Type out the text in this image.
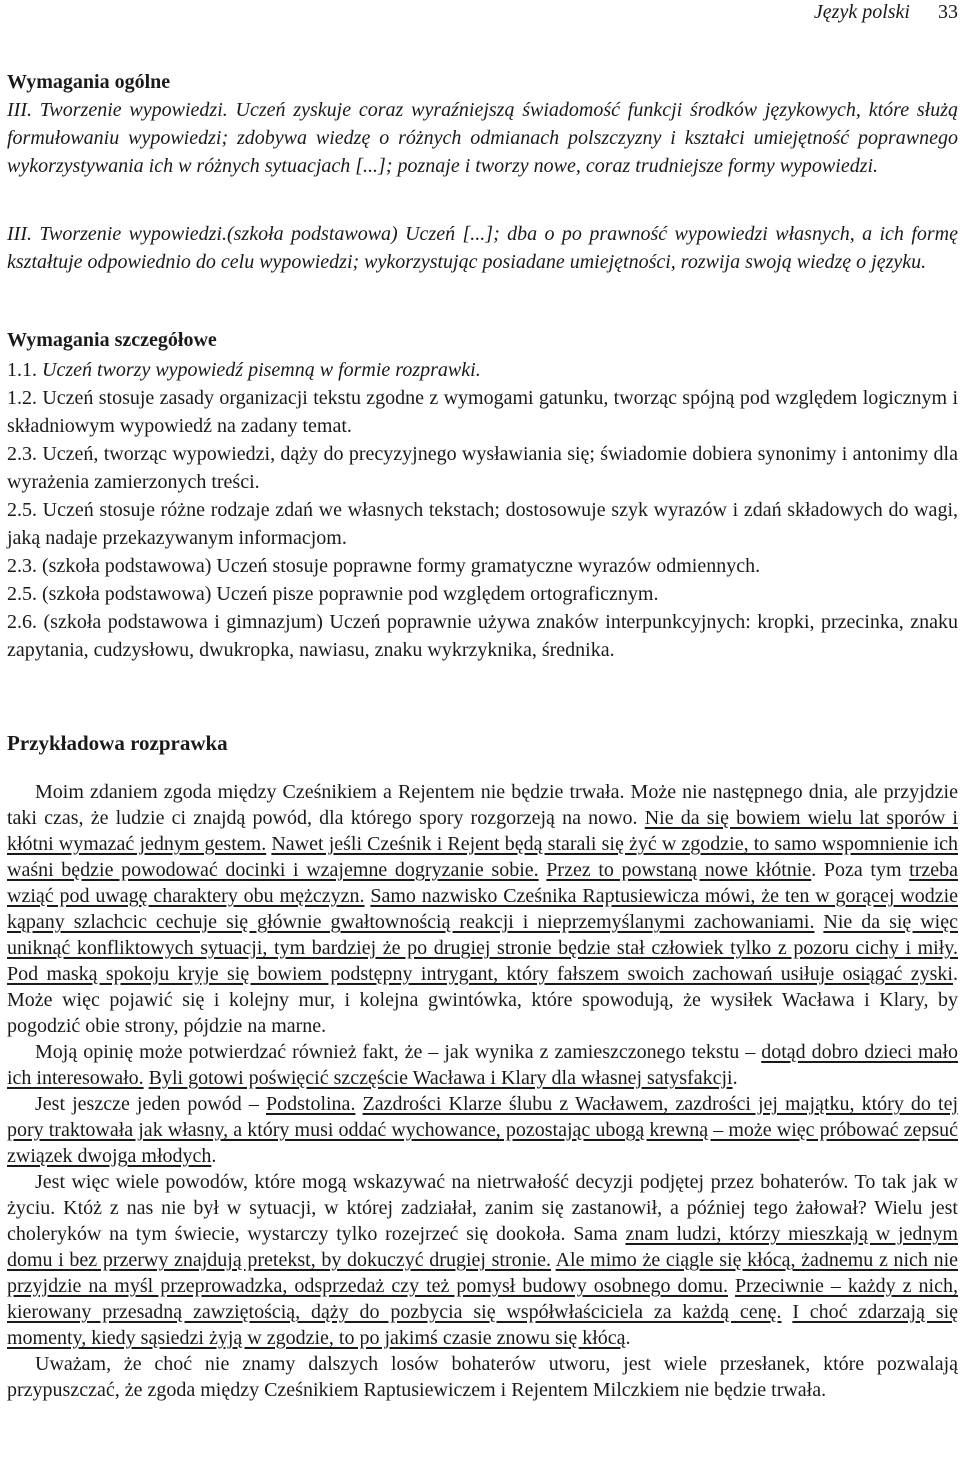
Język polski 33
Wymagania ogólne
III. Tworzenie wypowiedzi. Uczeń zyskuje coraz wyraźniejszą świadomość funkcji środków językowych, które służą formułowaniu wypowiedzi; zdobywa wiedzę o różnych odmianach polszczyzny i kształci umiejętność poprawnego wykorzystywania ich w różnych sytuacjach [...]; poznaje i tworzy nowe, coraz trudniejsze formy wypowiedzi.
III. Tworzenie wypowiedzi.(szkoła podstawowa) Uczeń [...]; dba o po prawność wypowiedzi własnych, a ich formę kształtuje odpowiednio do celu wypowiedzi; wykorzystując posiadane umiejętności, rozwija swoją wiedzę o języku.
Wymagania szczegółowe
1.1. Uczeń tworzy wypowiedź pisemną w formie rozprawki.
1.2. Uczeń stosuje zasady organizacji tekstu zgodne z wymogami gatunku, tworząc spójną pod względem logicznym i składniowym wypowiedź na zadany temat.
2.3. Uczeń, tworząc wypowiedzi, dąży do precyzyjnego wysławiania się; świadomie dobiera synonimy i antonimy dla wyrażenia zamierzonych treści.
2.5. Uczeń stosuje różne rodzaje zdań we własnych tekstach; dostosowuje szyk wyrazów i zdań składowych do wagi, jaką nadaje przekazywanym informacjom.
2.3. (szkoła podstawowa) Uczeń stosuje poprawne formy gramatyczne wyrazów odmiennych.
2.5. (szkoła podstawowa) Uczeń pisze poprawnie pod względem ortograficznym.
2.6. (szkoła podstawowa i gimnazjum) Uczeń poprawnie używa znaków interpunkcyjnych: kropki, przecinka, znaku zapytania, cudzysłowu, dwukropka, nawiasu, znaku wykrzyknika, średnika.
Przykładowa rozprawka

Moim zdaniem zgoda między Cześnikiem a Rejentem nie będzie trwała. Może nie następnego dnia, ale przyjdzie taki czas, że ludzie ci znajdą powód, dla którego spory rozgorzeją na nowo. Nie da się bowiem wielu lat sporów i kłótni wymazać jednym gestem. Nawet jeśli Cześnik i Rejent będą starali się żyć w zgodzie, to samo wspomnienie ich waśni będzie powodować docinki i wzajemne dogryzanie sobie. Przez to powstaną nowe kłótnie. Poza tym trzeba wziąć pod uwagę charaktery obu mężczyzn. Samo nazwisko Cześnika Raptusiewicza mówi, że ten w gorącej wodzie kąpany szlachcic cechuje się głównie gwałtownością reakcji i nieprzemyślanymi zachowaniami. Nie da się więc uniknąć konfliktowych sytuacji, tym bardziej że po drugiej stronie będzie stał człowiek tylko z pozoru cichy i miły. Pod maską spokoju kryje się bowiem podstępny intrygant, który fałszem swoich zachowań usiłuje osiągać zyski. Może więc pojawić się i kolejny mur, i kolejna gwintówka, które spowodują, że wysiłek Wacława i Klary, by pogodzić obie strony, pójdzie na marne.

Moją opinię może potwierdzać również fakt, że – jak wynika z zamieszczonego tekstu – dotąd dobro dzieci mało ich interesowało. Byli gotowi poświęcić szczęście Wacława i Klary dla własnej satysfakcji.

Jest jeszcze jeden powód – Podstolina. Zazdrości Klarze ślubu z Wacławem, zazdrości jej majątku, który do tej pory traktowała jak własny, a który musi oddać wychowance, pozostając ubogą krewną – może więc próbować zepsuć związek dwojga młodych.

Jest więc wiele powodów, które mogą wskazywać na nietrwałość decyzji podjętej przez bohaterów. To tak jak w życiu. Któż z nas nie był w sytuacji, w której zadziałał, zanim się zastanowił, a później tego żałował? Wielu jest choleryków na tym świecie, wystarczy tylko rozejrzeć się dookoła. Sama znam ludzi, którzy mieszkają w jednym domu i bez przerwy znajdują pretekst, by dokuczyć drugiej stronie. Ale mimo że ciągle się kłócą, żadnemu z nich nie przyjdzie na myśl przeprowadzka, odsprzedaż czy też pomysł budowy osobnego domu. Przeciwnie – każdy z nich, kierowany przesadną zawziętością, dąży do pozbycia się współwłaściciela za każdą cenę. I choć zdarzają się momenty, kiedy sąsiedzi żyją w zgodzie, to po jakimś czasie znowu się kłócą.

Uważam, że choć nie znamy dalszych losów bohaterów utworu, jest wiele przesłanek, które pozwalają przypuszczać, że zgoda między Cześnikiem Raptusiewiczem i Rejentem Milczkiem nie będzie trwała.
